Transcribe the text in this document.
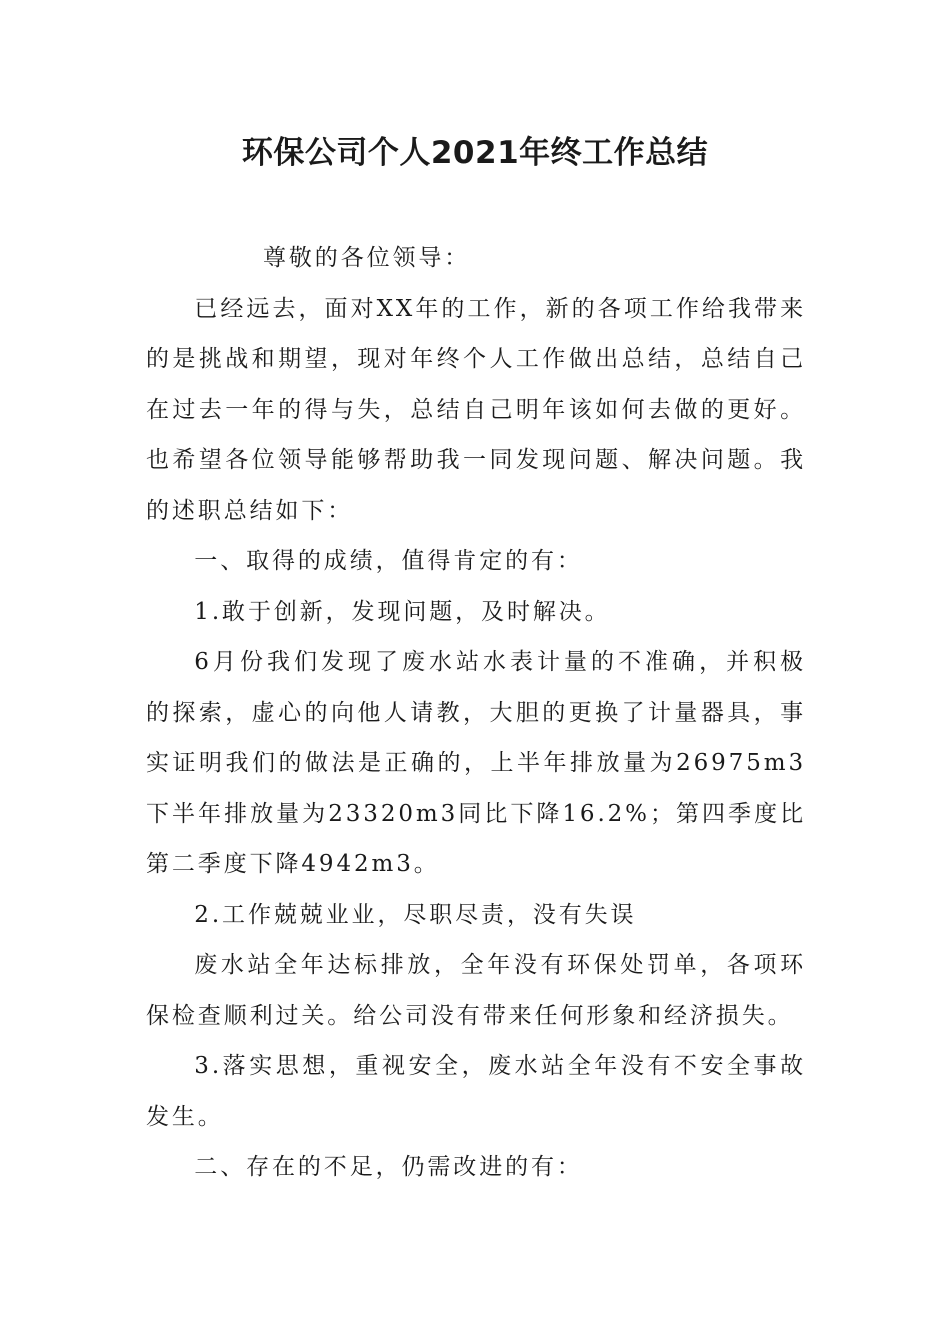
环保公司个人2021年终工作总结

尊敬的各位领导：

已经远去，面对XX年的工作，新的各项工作给我带来的是挑战和期望，现对年终个人工作做出总结，总结自己在过去一年的得与失，总结自己明年该如何去做的更好。也希望各位领导能够帮助我一同发现问题、解决问题。我的述职总结如下：

一、取得的成绩，值得肯定的有：

1.敢于创新，发现问题，及时解决。

6月份我们发现了废水站水表计量的不准确，并积极的探索，虚心的向他人请教，大胆的更换了计量器具，事实证明我们的做法是正确的，上半年排放量为26975m3下半年排放量为23320m3同比下降16.2%；第四季度比第二季度下降4942m3。

2.工作兢兢业业，尽职尽责，没有失误

废水站全年达标排放，全年没有环保处罚单，各项环保检查顺利过关。给公司没有带来任何形象和经济损失。

3.落实思想，重视安全，废水站全年没有不安全事故发生。

二、存在的不足，仍需改进的有：
